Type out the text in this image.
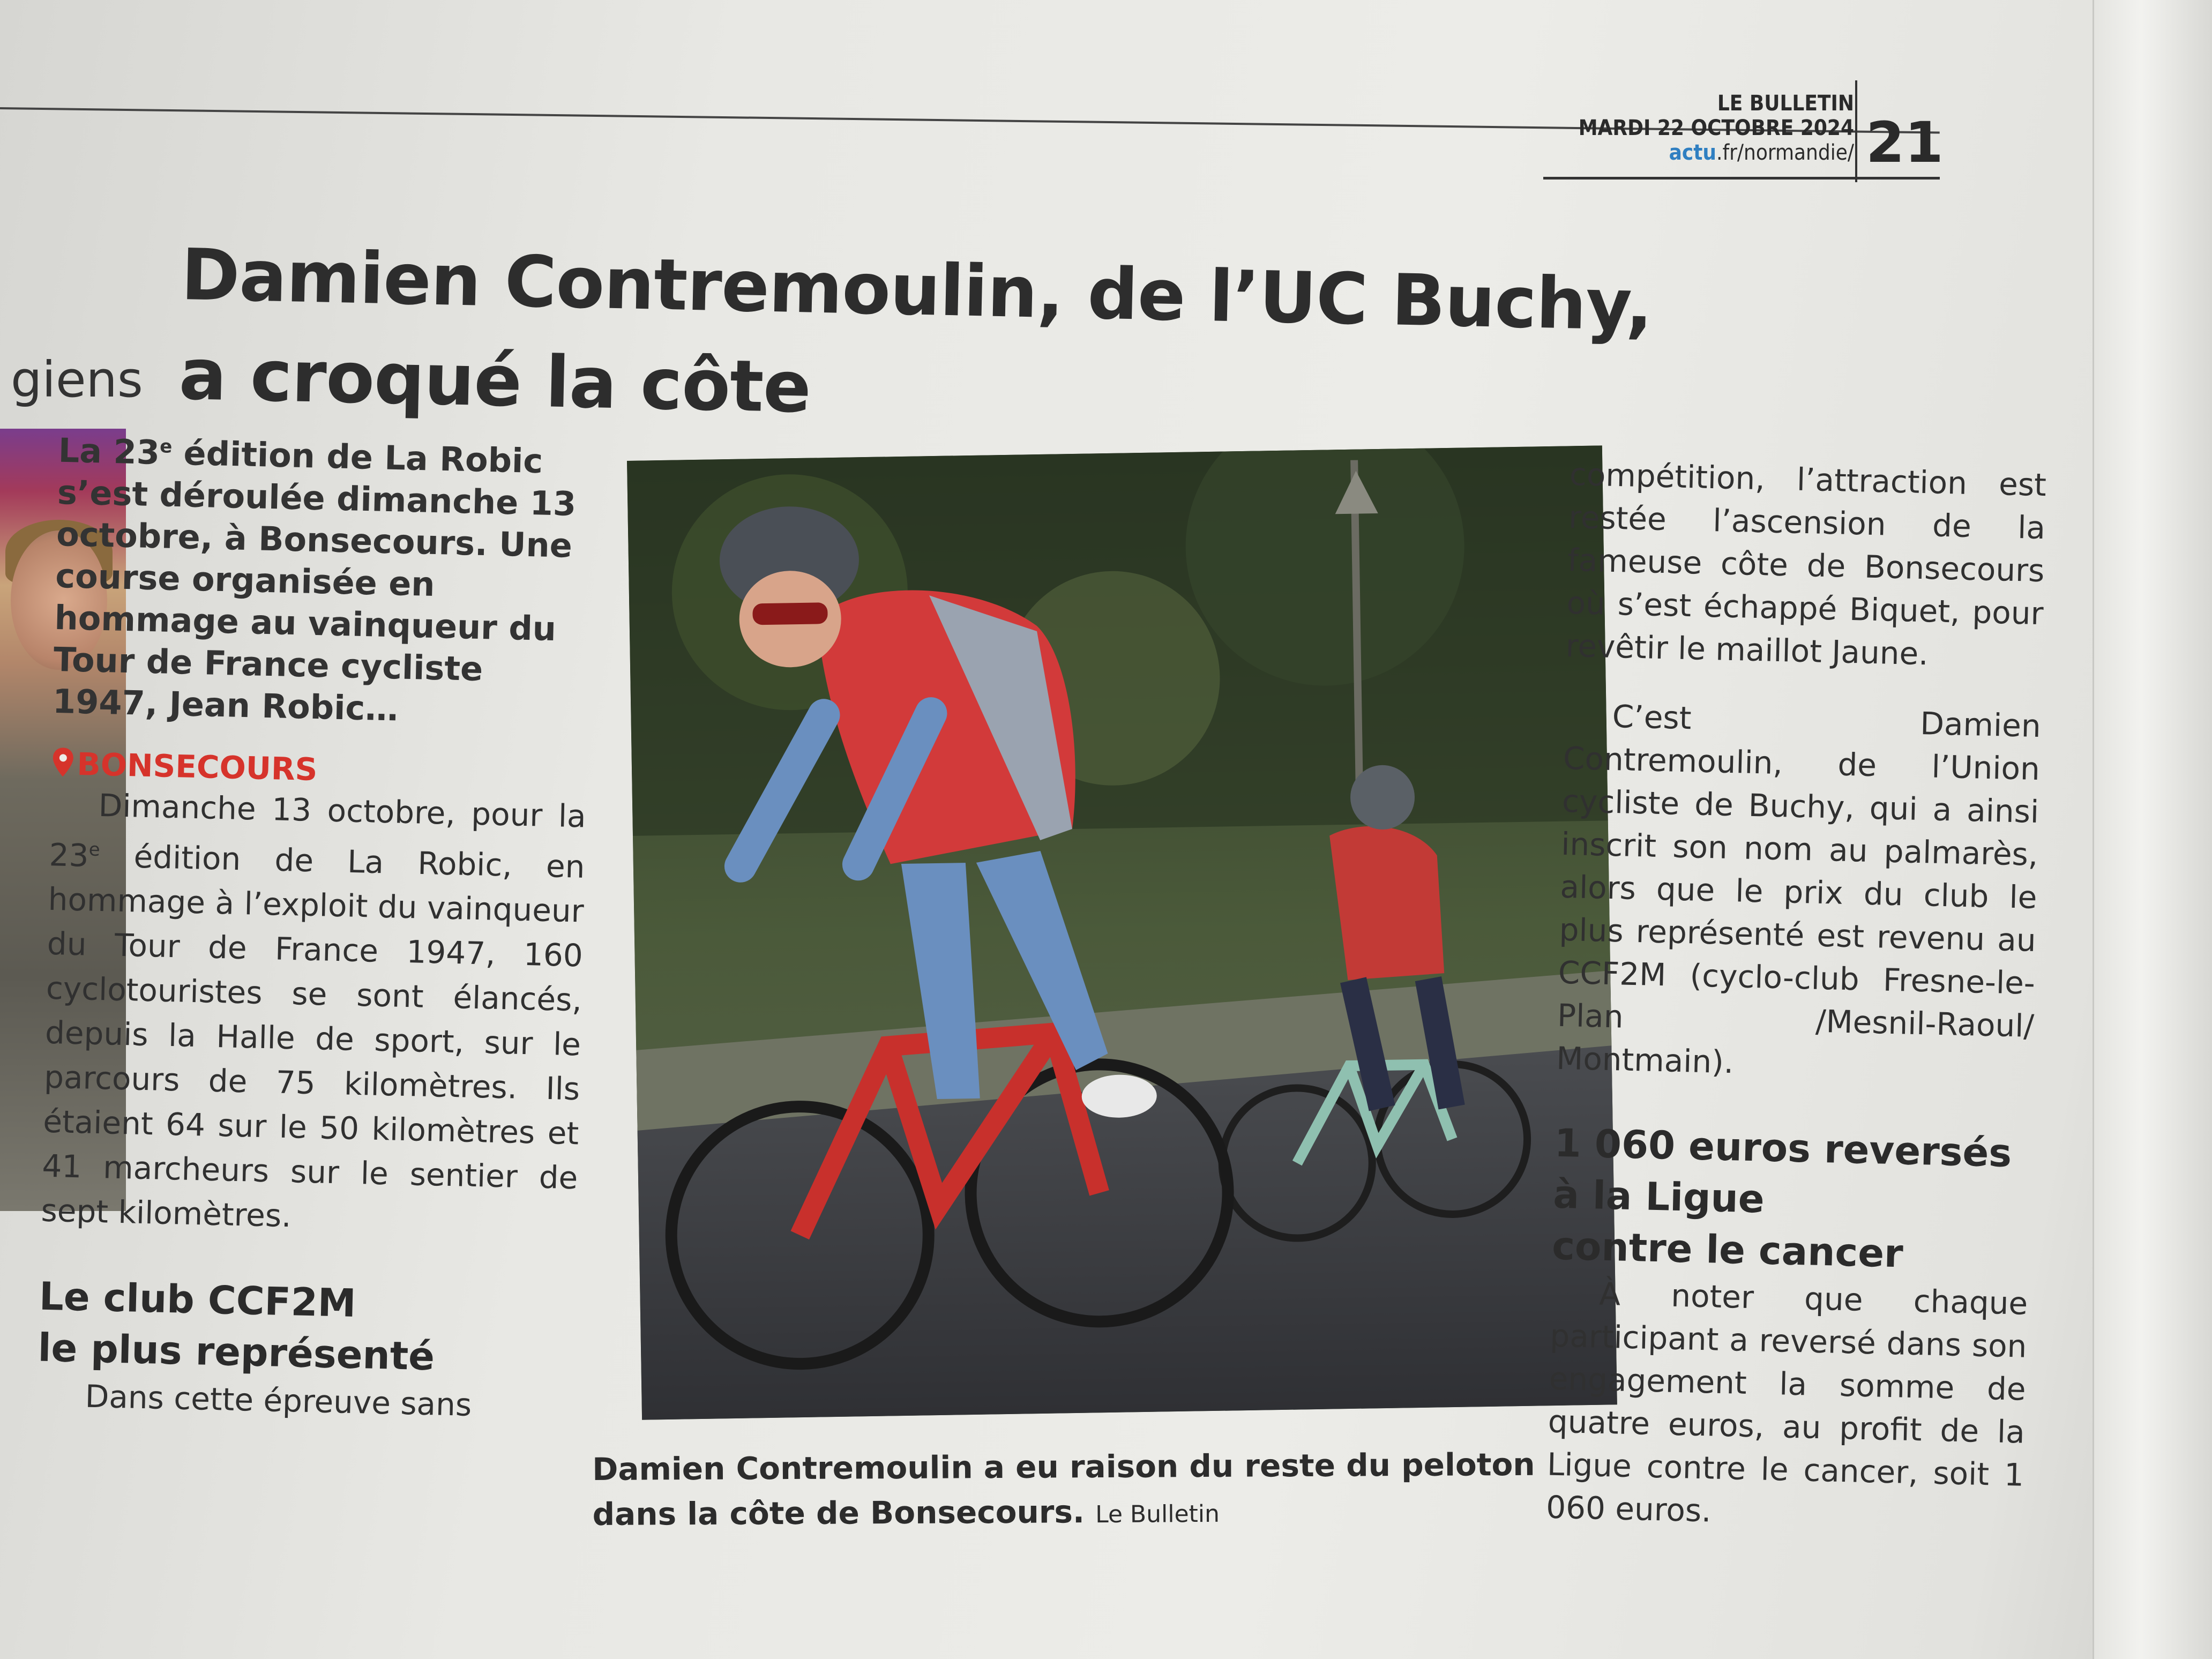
LE BULLETIN
MARDI 22 OCTOBRE 2024
actu.fr/normandie/ 21
giens
Damien Contremoulin, de l’UC Buchy,
a croqué la côte

La 23e édition de La Robic s’est déroulée dimanche 13 octobre, à Bonsecours. Une course organisée en hommage au vainqueur du Tour de France cycliste 1947, Jean Robic…

BONSECOURS

Dimanche 13 octobre, pour la 23e édition de La Robic, en hommage à l’exploit du vainqueur du Tour de France 1947, 160 cyclotouristes se sont élancés, depuis la Halle de sport, sur le parcours de 75 kilomètres. Ils étaient 64 sur le 50 kilomètres et 41 marcheurs sur le sentier de sept kilomètres.

Le club CCF2M
le plus représenté

Dans cette épreuve sans

Damien Contremoulin a eu raison du reste du peloton dans la côte de Bonsecours. Le Bulletin

compétition, l’attraction est restée l’ascension de la fameuse côte de Bonsecours où s’est échappé Biquet, pour revêtir le maillot Jaune.

C’est Damien Contremoulin, de l’Union cycliste de Buchy, qui a ainsi inscrit son nom au palmarès, alors que le prix du club le plus représenté est revenu au CCF2M (cyclo-club Fresne-le-Plan /Mesnil-Raoul/ Montmain).

1 060 euros reversés
à la Ligue
contre le cancer

À noter que chaque participant a reversé dans son engagement la somme de quatre euros, au profit de la Ligue contre le cancer, soit 1 060 euros.
